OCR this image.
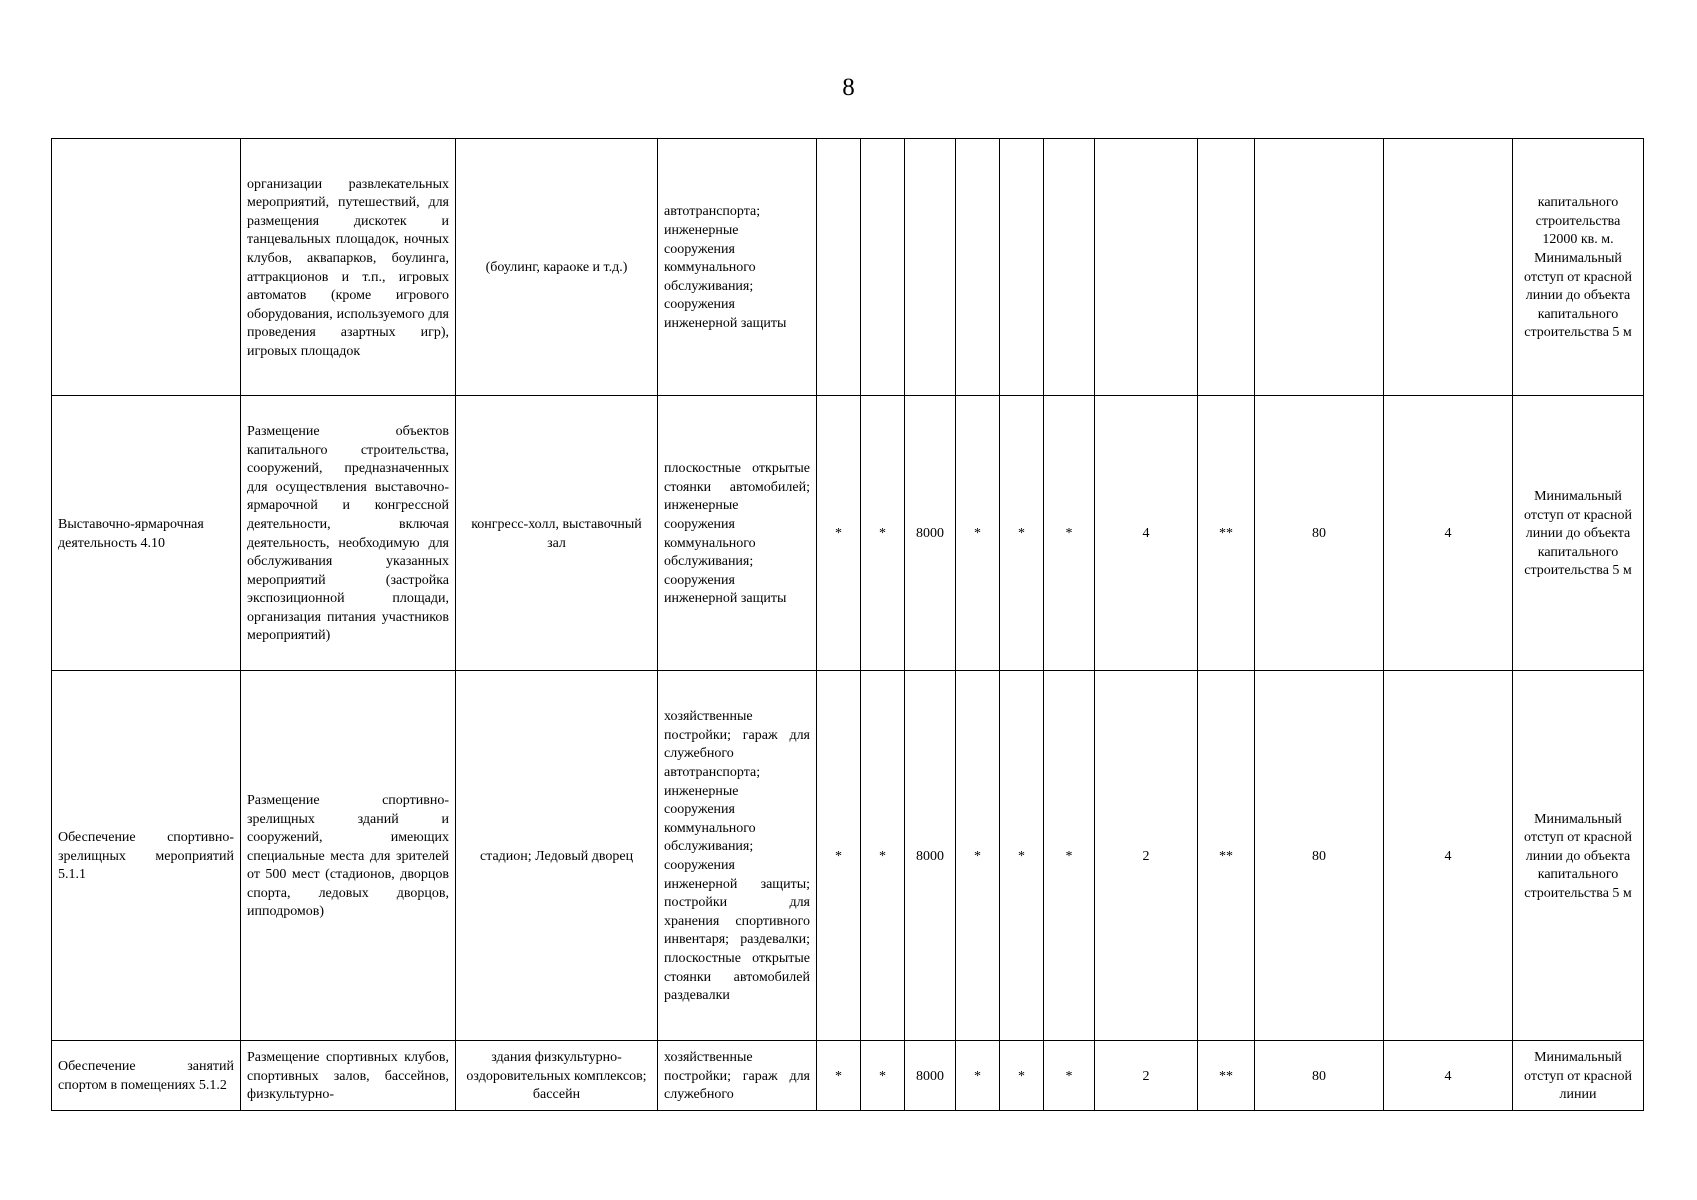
8
	организации развлекательных мероприятий, путешествий, для размещения дискотек и танцевальных площадок, ночных клубов, аквапарков, боулинга, аттракционов и т.п., игровых автоматов (кроме игрового оборудования, используемого для проведения азартных игр), игровых площадок	(боулинг, караоке и т.д.)	автотранспорта; инженерные сооружения коммунального обслуживания; сооружения инженерной защиты											капитального строительства 12000 кв. м. Минимальный отступ от красной линии до объекта капитального строительства 5 м
Выставочно-ярмарочная деятельность 4.10	Размещение объектов капитального строительства, сооружений, предназначенных для осуществления выставочно-ярмарочной и конгрессной деятельности, включая деятельность, необходимую для обслуживания указанных мероприятий (застройка экспозиционной площади, организация питания участников мероприятий)	конгресс-холл, выставочный зал	плоскостные открытые стоянки автомобилей; инженерные сооружения коммунального обслуживания; сооружения инженерной защиты	*	*	8000	*	*	*	4	**	80	4	Минимальный отступ от красной линии до объекта капитального строительства 5 м
Обеспечение спортивно-зрелищных мероприятий 5.1.1	Размещение спортивно-зрелищных зданий и сооружений, имеющих специальные места для зрителей от 500 мест (стадионов, дворцов спорта, ледовых дворцов, ипподромов)	стадион; Ледовый дворец	хозяйственные постройки; гараж для служебного автотранспорта; инженерные сооружения коммунального обслуживания; сооружения инженерной защиты; постройки для хранения спортивного инвентаря; раздевалки; плоскостные открытые стоянки автомобилей раздевалки	*	*	8000	*	*	*	2	**	80	4	Минимальный отступ от красной линии до объекта капитального строительства 5 м
Обеспечение занятий спортом в помещениях 5.1.2	Размещение спортивных клубов, спортивных залов, бассейнов, физкультурно-	здания физкультурно-оздоровительных комплексов; бассейн	хозяйственные постройки; гараж для служебного	*	*	8000	*	*	*	2	**	80	4	Минимальный отступ от красной линии
